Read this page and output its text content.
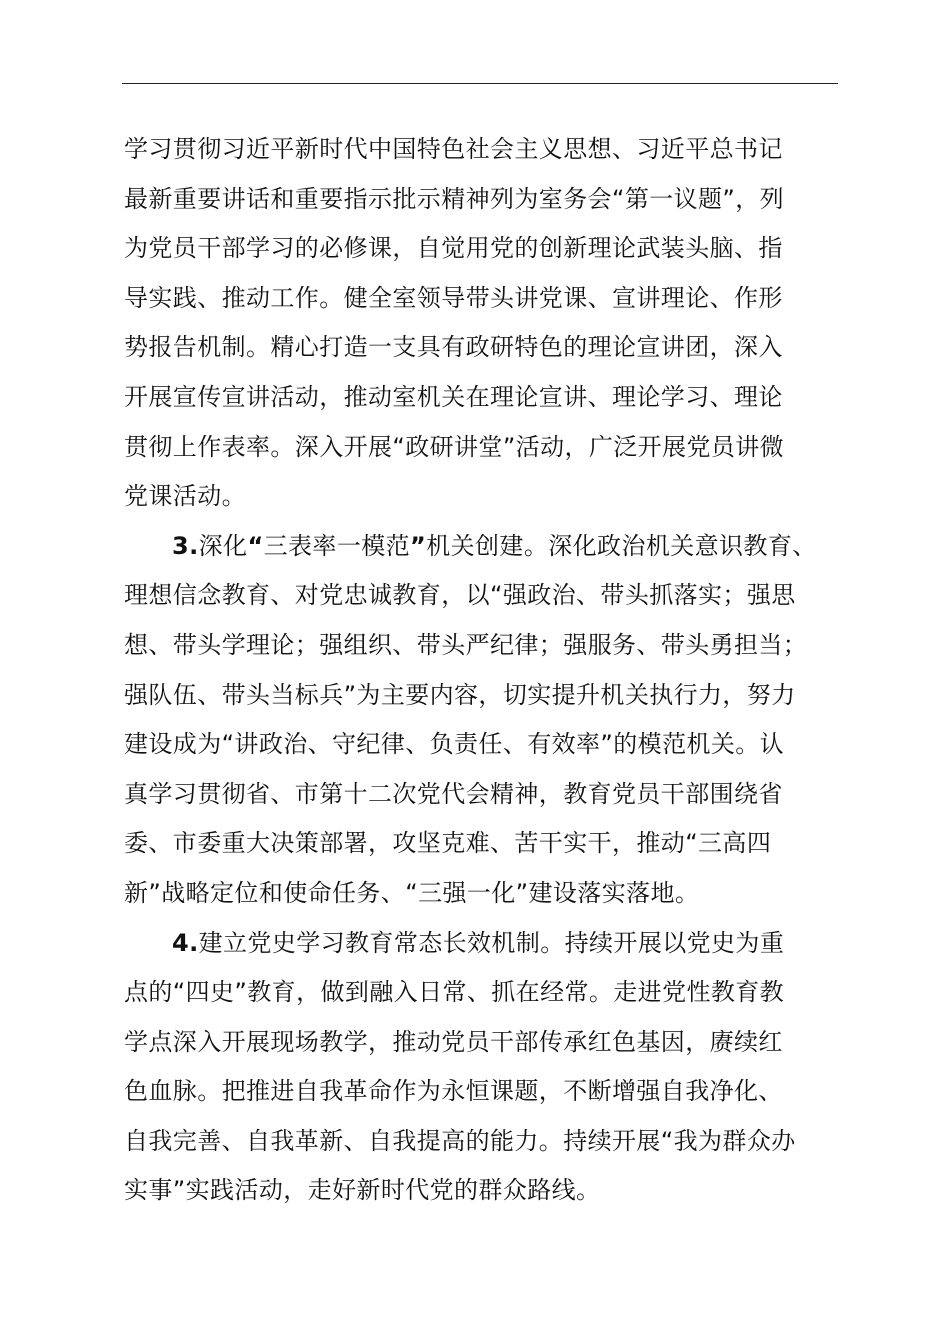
学习贯彻习近平新时代中国特色社会主义思想、习近平总书记
最新重要讲话和重要指示批示精神列为室务会“第一议题”，列
为党员干部学习的必修课，自觉用党的创新理论武装头脑、指
导实践、推动工作。健全室领导带头讲党课、宣讲理论、作形
势报告机制。精心打造一支具有政研特色的理论宣讲团，深入
开展宣传宣讲活动，推动室机关在理论宣讲、理论学习、理论
贯彻上作表率。深入开展“政研讲堂”活动，广泛开展党员讲微
党课活动。
3.深化“三表率一模范”机关创建。深化政治机关意识教育、
理想信念教育、对党忠诚教育，以“强政治、带头抓落实；强思
想、带头学理论；强组织、带头严纪律；强服务、带头勇担当；
强队伍、带头当标兵”为主要内容，切实提升机关执行力，努力
建设成为“讲政治、守纪律、负责任、有效率”的模范机关。认
真学习贯彻省、市第十二次党代会精神，教育党员干部围绕省
委、市委重大决策部署，攻坚克难、苦干实干，推动“三高四
新”战略定位和使命任务、“三强一化”建设落实落地。
4.建立党史学习教育常态长效机制。持续开展以党史为重
点的“四史”教育，做到融入日常、抓在经常。走进党性教育教
学点深入开展现场教学，推动党员干部传承红色基因，赓续红
色血脉。把推进自我革命作为永恒课题，不断增强自我净化、
自我完善、自我革新、自我提高的能力。持续开展“我为群众办
实事”实践活动，走好新时代党的群众路线。
